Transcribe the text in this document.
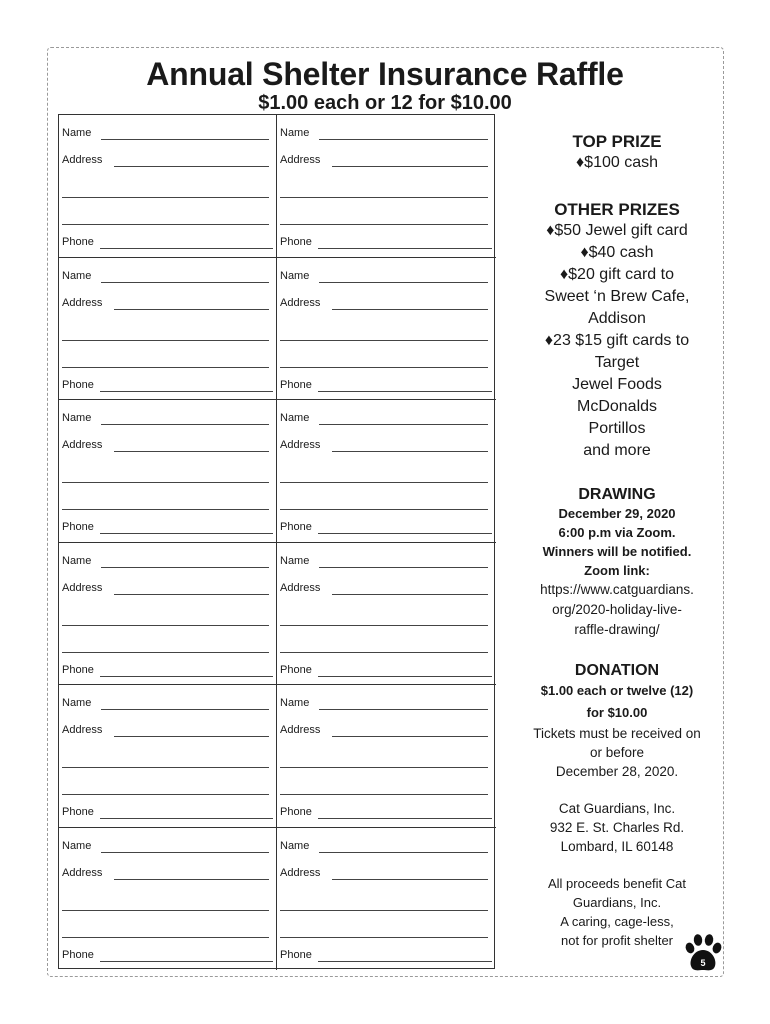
Annual Shelter Insurance Raffle
$1.00 each or 12 for $10.00
Name
Address
Phone
Name
Address
Phone
Name
Address
Phone
Name
Address
Phone
Name
Address
Phone
Name
Address
Phone
Name
Address
Phone
Name
Address
Phone
Name
Address
Phone
Name
Address
Phone
Name
Address
Phone
Name
Address
Phone

TOP PRIZE

♦$100 cash

OTHER PRIZES

♦$50 Jewel gift card

♦$40 cash

♦$20 gift card to

Sweet ‘n Brew Cafe,

Addison

♦23 $15 gift cards to

Target

Jewel Foods

McDonalds

Portillos

and more

DRAWING

December 29, 2020

6:00 p.m via Zoom.

Winners will be notified.

Zoom link:

https://www.catguardians.

org/2020-holiday-live-

raffle-drawing/

DONATION

$1.00 each or twelve (12)

for $10.00

Tickets must be received on

or before

December 28, 2020.

Cat Guardians, Inc.

932 E. St. Charles Rd.

Lombard, IL 60148

All proceeds benefit Cat

Guardians, Inc.

A caring, cage-less,

not for profit shelter

5
